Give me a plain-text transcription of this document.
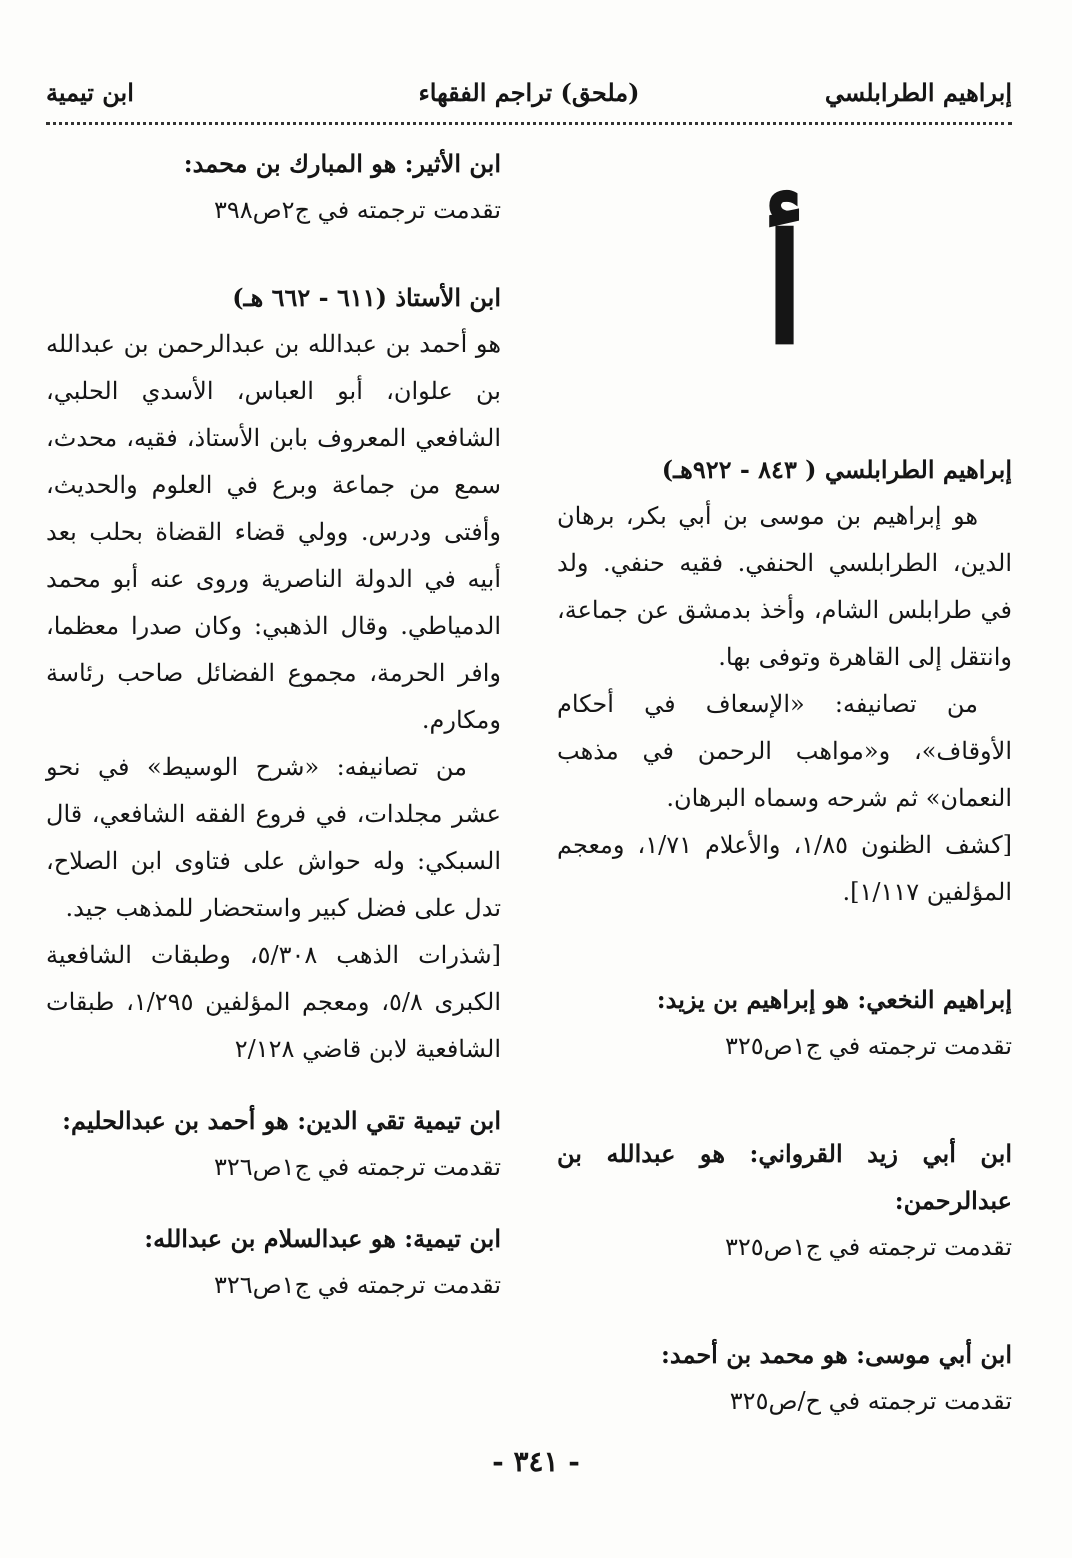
إبراهيم الطرابلسي
(ملحق) تراجم الفقهاء
ابن تيمية
أ

إبراهيم الطرابلسي ( ٨٤٣ - ٩٢٢هـ)

هو إبراهيم بن موسى بن أبي بكر، برهان الدين، الطرابلسي الحنفي. فقيه حنفي. ولد في طرابلس الشام، وأخذ بدمشق عن جماعة، وانتقل إلى القاهرة وتوفى بها.

من تصانيفه: «الإسعاف في أحكام الأوقاف»، و«مواهب الرحمن في مذهب النعمان» ثم شرحه وسماه البرهان.

[كشف الظنون ١/٨٥، والأعلام ١/٧١، ومعجم المؤلفين ١/١١٧].

إبراهيم النخعي: هو إبراهيم بن يزيد:

تقدمت ترجمته في ج١ص٣٢٥

ابن أبي زيد القرواني: هو عبدالله بن عبدالرحمن:

تقدمت ترجمته في ج١ص٣٢٥

ابن أبي موسى: هو محمد بن أحمد:

تقدمت ترجمته في ح/ص٣٢٥

ابن الأثير: هو المبارك بن محمد:

تقدمت ترجمته في ج٢ص٣٩٨

ابن الأستاذ (٦١١ - ٦٦٢ هـ)

هو أحمد بن عبدالله بن عبدالرحمن بن عبدالله بن علوان، أبو العباس، الأسدي الحلبي، الشافعي المعروف بابن الأستاذ، فقيه، محدث، سمع من جماعة وبرع في العلوم والحديث، وأفتى ودرس. وولي قضاء القضاة بحلب بعد أبيه في الدولة الناصرية وروى عنه أبو محمد الدمياطي. وقال الذهبي: وكان صدرا معظما، وافر الحرمة، مجموع الفضائل صاحب رئاسة ومكارم.

من تصانيفه: «شرح الوسيط» في نحو عشر مجلدات، في فروع الفقه الشافعي، قال السبكي: وله حواش على فتاوى ابن الصلاح، تدل على فضل كبير واستحضار للمذهب جيد.

[شذرات الذهب ٥/٣٠٨، وطبقات الشافعية الكبرى ٥/٨، ومعجم المؤلفين ١/٢٩٥، طبقات الشافعية لابن قاضي ٢/١٢٨

ابن تيمية تقي الدين: هو أحمد بن عبدالحليم:

تقدمت ترجمته في ج١ص٣٢٦

ابن تيمية: هو عبدالسلام بن عبدالله:

تقدمت ترجمته في ج١ص٣٢٦

- ٣٤١ -
